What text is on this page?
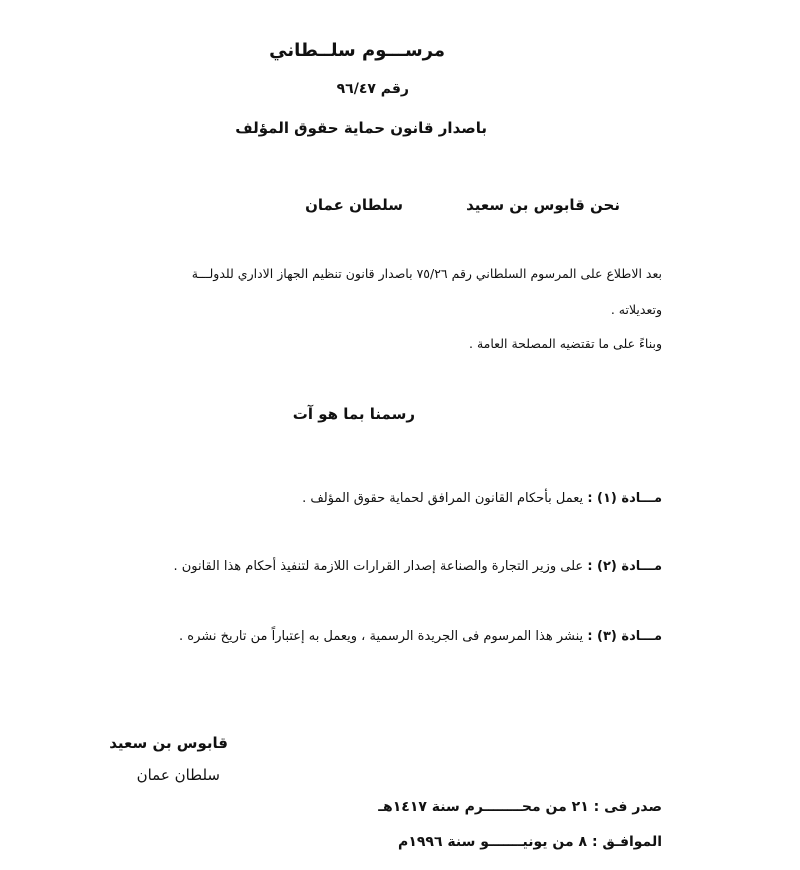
مرســـوم سلــطاني
رقم ٩٦/٤٧
باصدار قانون حماية حقوق المؤلف
نحن قابوس بن سعيد
سلطان عمان
بعد الاطلاع على المرسوم السلطاني رقم ٧٥/٢٦ باصدار قانون تنظيم الجهاز الاداري للدولـــة
وتعديلاته .
وبناءً على ما تقتضيه المصلحة العامة .
رسمنا بما هو آت
مـــادة (١) : يعمل بأحكام القانون المرافق لحماية حقوق المؤلف .
مـــادة (٢) : على وزير التجارة والصناعة إصدار القرارات اللازمة لتنفيذ أحكام هذا القانون .
مـــادة (٣) : ينشر هذا المرسوم فى الجريدة الرسمية ، ويعمل به إعتباراً من تاريخ نشره .
قابوس بن سعيد
سلطان عمان
صدر فى : ٢١ من محــــــــرم سنة ١٤١٧هـ
الموافـق : ٨ من يونيـــــــو سنة ١٩٩٦م
